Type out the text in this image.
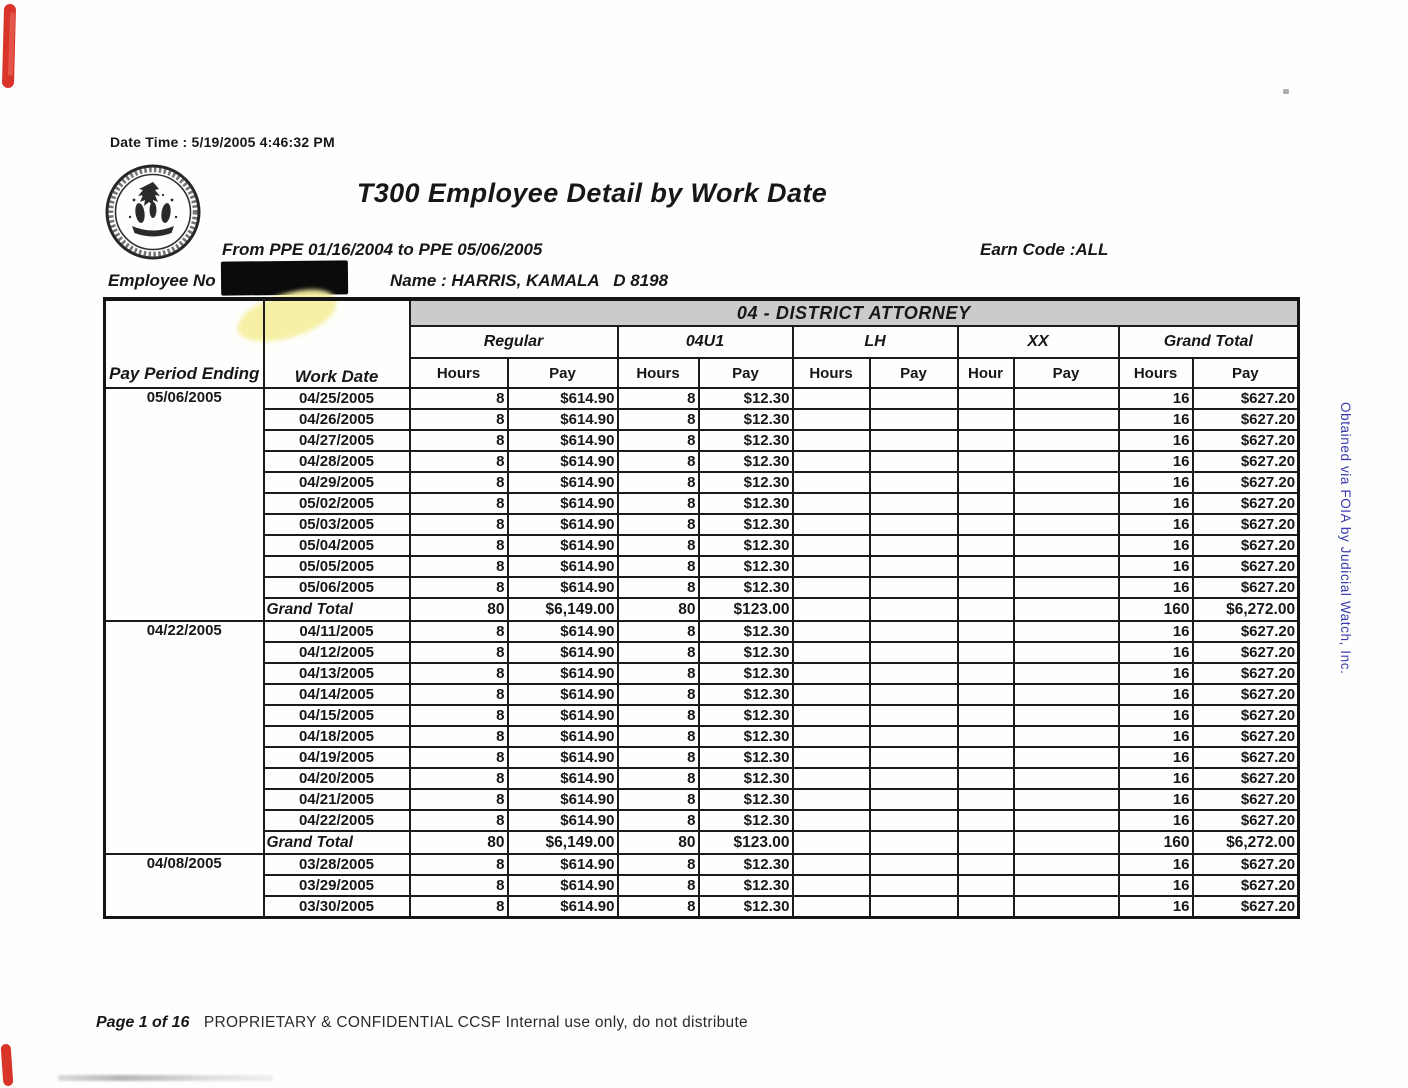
Date Time : 5/19/2005 4:46:32 PM
T300 Employee Detail by Work Date
From PPE 01/16/2004 to PPE 05/06/2005	Earn Code :ALL
Employee No	Name : HARRIS, KAMALA   D 8198
Pay Period Ending	Work Date	04 - DISTRICT ATTORNEY									
		Regular		04U1		LH		XX		Grand Total	
		Hours	Pay	Hours	Pay	Hours	Pay	Hour	Pay	Hours	Pay
05/06/2005	04/25/2005	8	$614.90	8	$12.30					16	$627.20
	04/26/2005	8	$614.90	8	$12.30					16	$627.20
	04/27/2005	8	$614.90	8	$12.30					16	$627.20
	04/28/2005	8	$614.90	8	$12.30					16	$627.20
	04/29/2005	8	$614.90	8	$12.30					16	$627.20
	05/02/2005	8	$614.90	8	$12.30					16	$627.20
	05/03/2005	8	$614.90	8	$12.30					16	$627.20
	05/04/2005	8	$614.90	8	$12.30					16	$627.20
	05/05/2005	8	$614.90	8	$12.30					16	$627.20
	05/06/2005	8	$614.90	8	$12.30					16	$627.20
	Grand Total	80	$6,149.00	80	$123.00					160	$6,272.00
04/22/2005	04/11/2005	8	$614.90	8	$12.30					16	$627.20
	04/12/2005	8	$614.90	8	$12.30					16	$627.20
	04/13/2005	8	$614.90	8	$12.30					16	$627.20
	04/14/2005	8	$614.90	8	$12.30					16	$627.20
	04/15/2005	8	$614.90	8	$12.30					16	$627.20
	04/18/2005	8	$614.90	8	$12.30					16	$627.20
	04/19/2005	8	$614.90	8	$12.30					16	$627.20
	04/20/2005	8	$614.90	8	$12.30					16	$627.20
	04/21/2005	8	$614.90	8	$12.30					16	$627.20
	04/22/2005	8	$614.90	8	$12.30					16	$627.20
	Grand Total	80	$6,149.00	80	$123.00					160	$6,272.00
04/08/2005	03/28/2005	8	$614.90	8	$12.30					16	$627.20
	03/29/2005	8	$614.90	8	$12.30					16	$627.20
	03/30/2005	8	$614.90	8	$12.30					16	$627.20
Obtained via FOIA by Judicial Watch, Inc.
Page 1 of 16 PROPRIETARY & CONFIDENTIAL CCSF Internal use only, do not distribute
